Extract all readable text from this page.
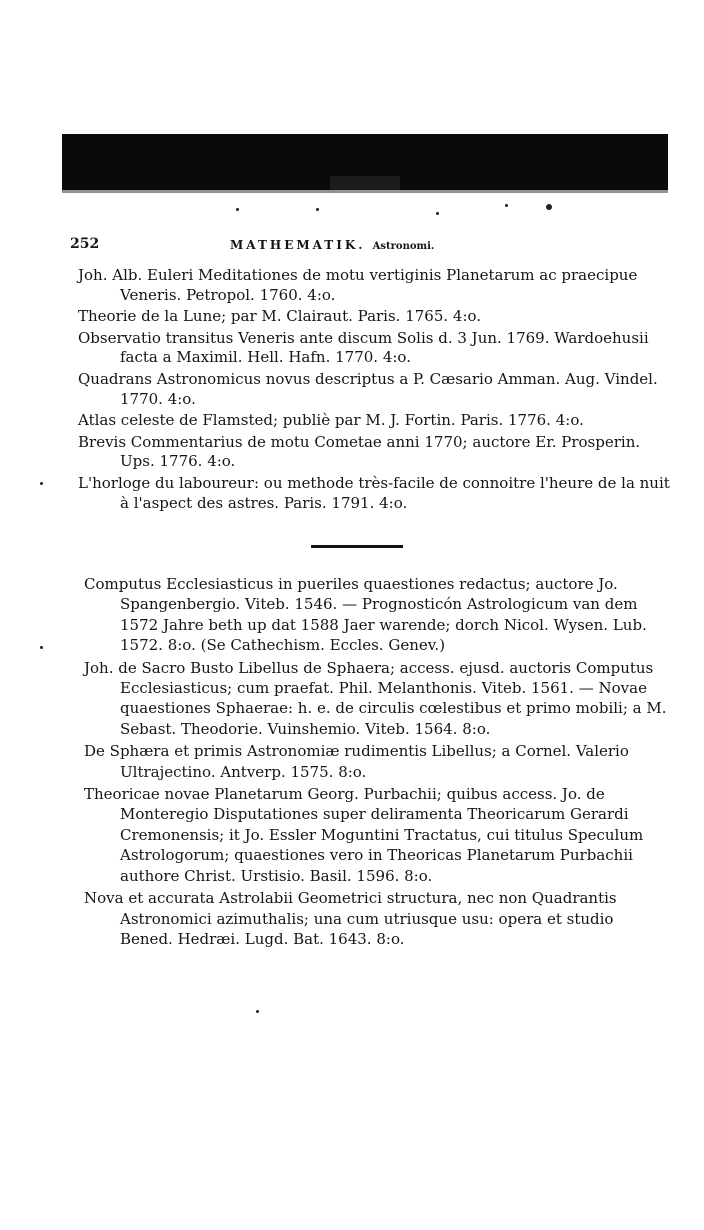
252	MATHEMATIK. Astronomi.

Joh. Alb. Euleri Meditationes de motu vertiginis Planetarum ac praecipue Veneris. Petropol. 1760. 4:o.

Theorie de la Lune; par M. Clairaut. Paris. 1765. 4:o.

Observatio transitus Veneris ante discum Solis d. 3 Jun. 1769. Wardoehusii facta a Maximil. Hell. Hafn. 1770. 4:o.

Quadrans Astronomicus novus descriptus a P. Cæsario Amman. Aug. Vindel. 1770. 4:o.

Atlas celeste de Flamsted; publiè par M. J. Fortin. Paris. 1776. 4:o.

Brevis Commentarius de motu Cometae anni 1770; auctore Er. Prosperin. Ups. 1776. 4:o.

L'horloge du laboureur: ou methode très-facile de connoitre l'heure de la nuit à l'aspect des astres. Paris. 1791. 4:o.

Computus Ecclesiasticus in pueriles quaestiones redactus; auctore Jo. Spangenbergio. Viteb. 1546. — Prognosticón Astrologicum van dem 1572 Jahre beth up dat 1588 Jaer warende; dorch Nicol. Wysen. Lub. 1572. 8:o. (Se Cathechism. Eccles. Genev.)

Joh. de Sacro Busto Libellus de Sphaera; access. ejusd. auctoris Computus Ecclesiasticus; cum praefat. Phil. Melanthonis. Viteb. 1561. — Novae quaestiones Sphaerae: h. e. de circulis cœlestibus et primo mobili; a M. Sebast. Theodorie. Vuinshemio. Viteb. 1564. 8:o.

De Sphæra et primis Astronomiæ rudimentis Libellus; a Cornel. Valerio Ultrajectino. Antverp. 1575. 8:o.

Theoricae novae Planetarum Georg. Purbachii; quibus access. Jo. de Monteregio Disputationes super deliramenta Theoricarum Gerardi Cremonensis; it Jo. Essler Moguntini Tractatus, cui titulus Speculum Astrologorum; quaestiones vero in Theoricas Planetarum Purbachii authore Christ. Urstisio. Basil. 1596. 8:o.

Nova et accurata Astrolabii Geometrici structura, nec non Quadrantis Astronomici azimuthalis; una cum utriusque usu: opera et studio Bened. Hedræi. Lugd. Bat. 1643. 8:o.
